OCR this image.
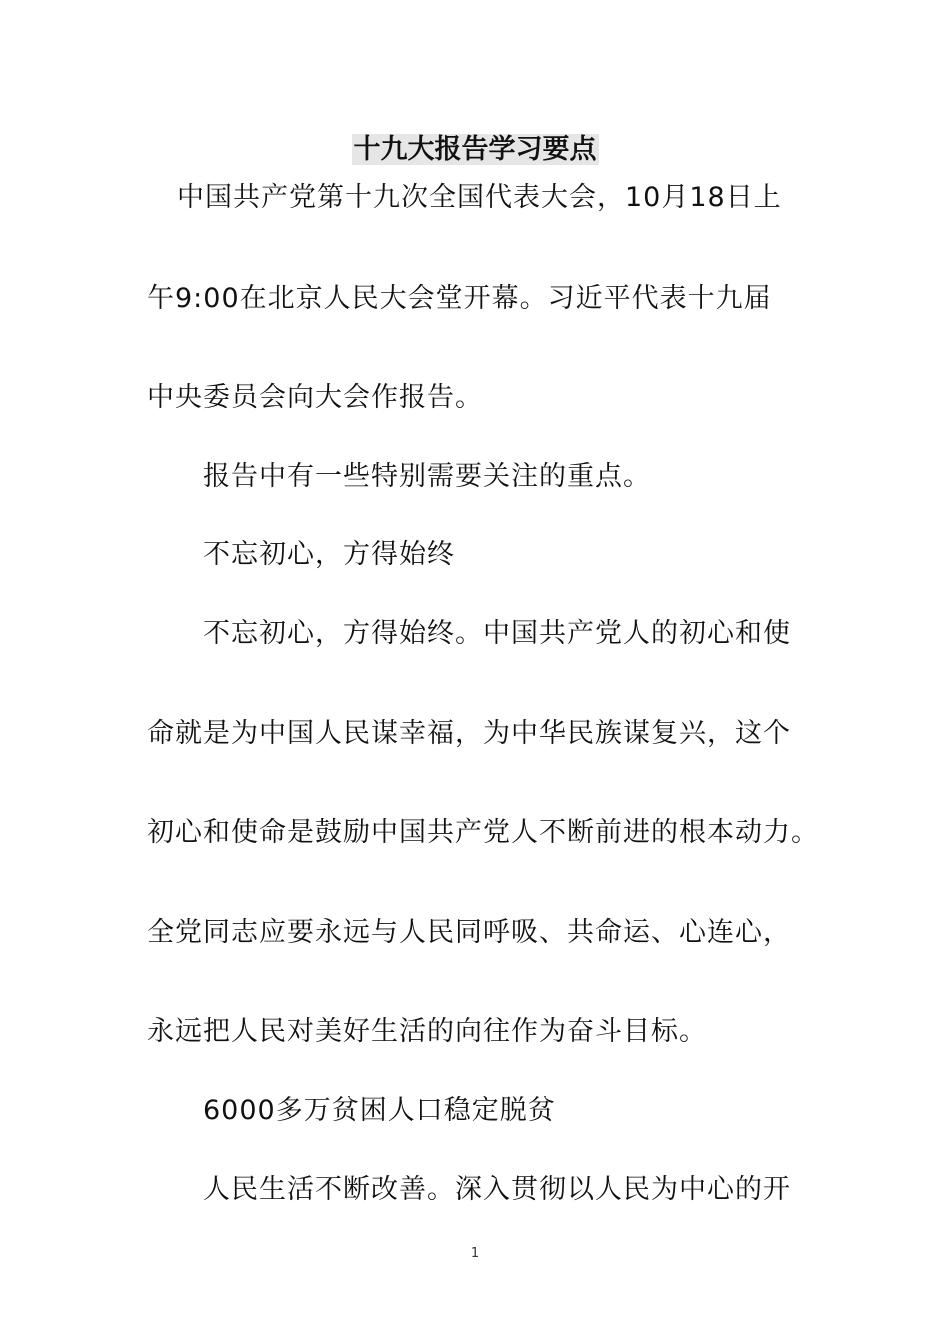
十九大报告学习要点
中国共产党第十九次全国代表大会，10月18日上
午9:00在北京人民大会堂开幕。习近平代表十九届
中央委员会向大会作报告。
报告中有一些特别需要关注的重点。
不忘初心，方得始终
不忘初心，方得始终。中国共产党人的初心和使
命就是为中国人民谋幸福，为中华民族谋复兴，这个
初心和使命是鼓励中国共产党人不断前进的根本动力。
全党同志应要永远与人民同呼吸、共命运、心连心，
永远把人民对美好生活的向往作为奋斗目标。
6000多万贫困人口稳定脱贫
人民生活不断改善。深入贯彻以人民为中心的开
1
